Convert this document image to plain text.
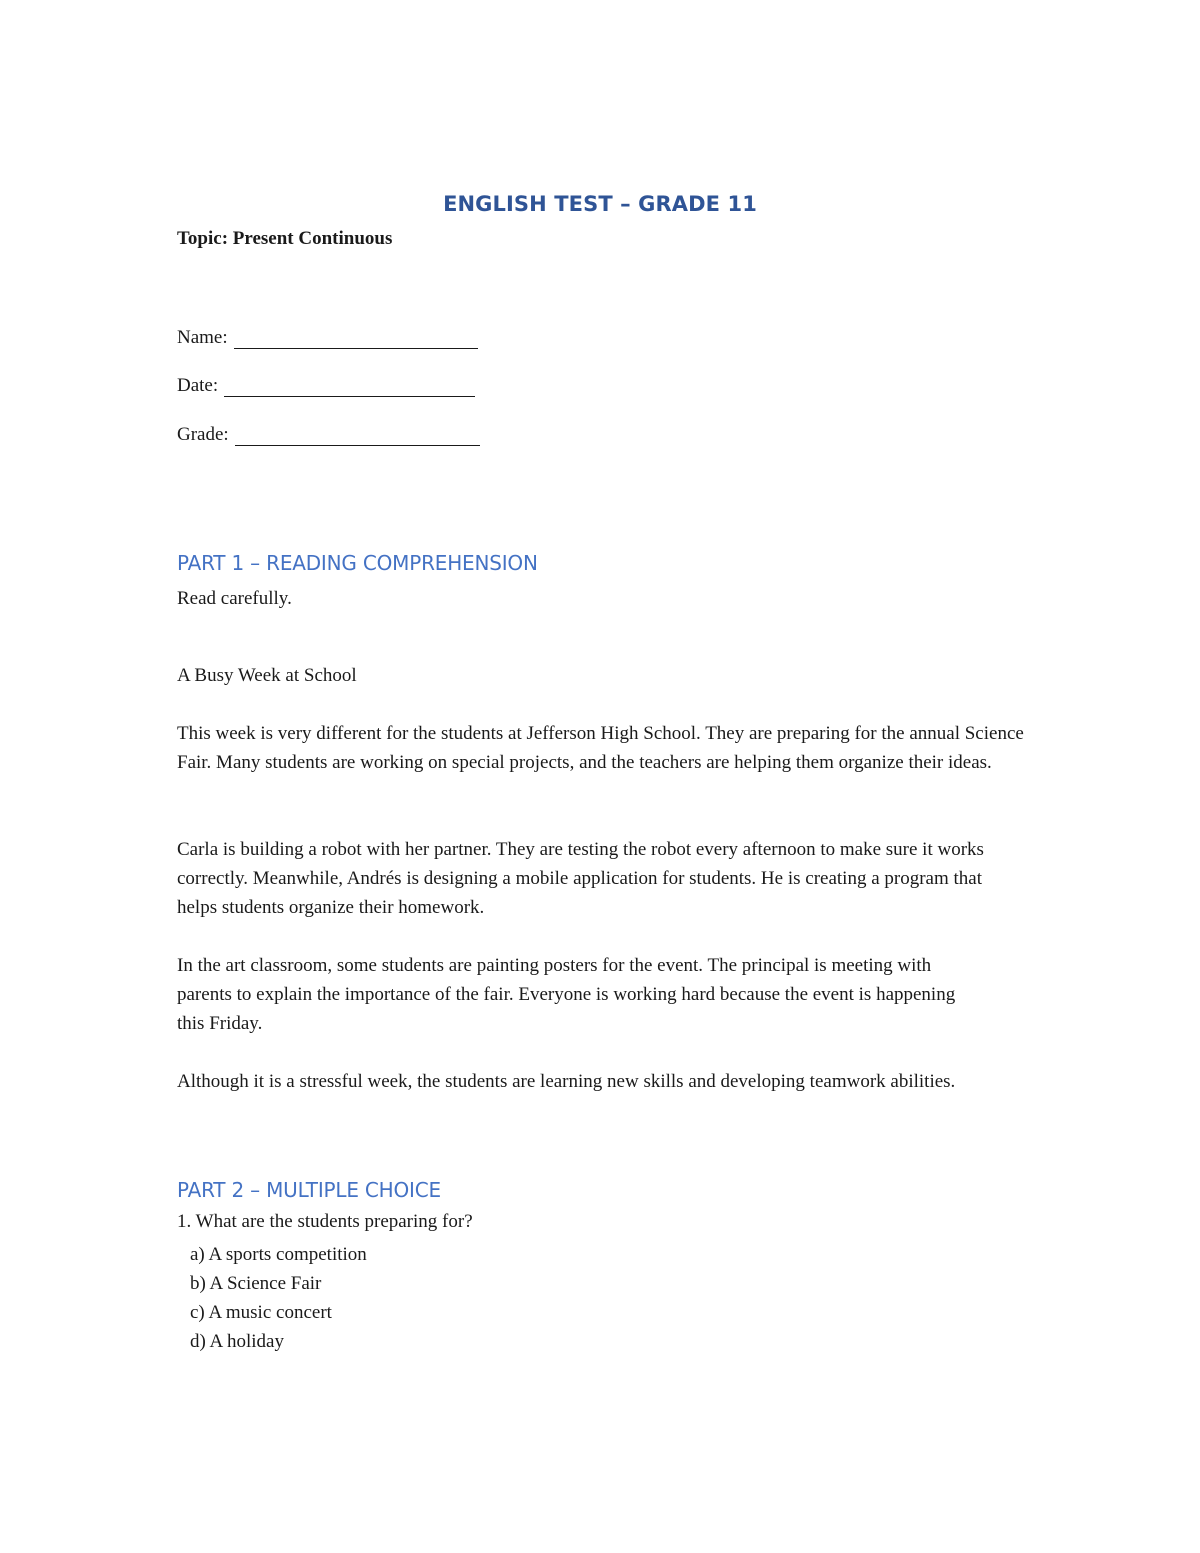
ENGLISH TEST – GRADE 11
Topic: Present Continuous
Name:
Date:
Grade:
PART 1 – READING COMPREHENSION
Read carefully.
A Busy Week at School
This week is very different for the students at Jefferson High School. They are preparing for the annual Science Fair. Many students are working on special projects, and the teachers are helping them organize their ideas.
Carla is building a robot with her partner. They are testing the robot every afternoon to make sure it works correctly. Meanwhile, Andrés is designing a mobile application for students. He is creating a program that helps students organize their homework.
In the art classroom, some students are painting posters for the event. The principal is meeting with parents to explain the importance of the fair. Everyone is working hard because the event is happening this Friday.
Although it is a stressful week, the students are learning new skills and developing teamwork abilities.
PART 2 – MULTIPLE CHOICE
1. What are the students preparing for?
a) A sports competition
b) A Science Fair
c) A music concert
d) A holiday
